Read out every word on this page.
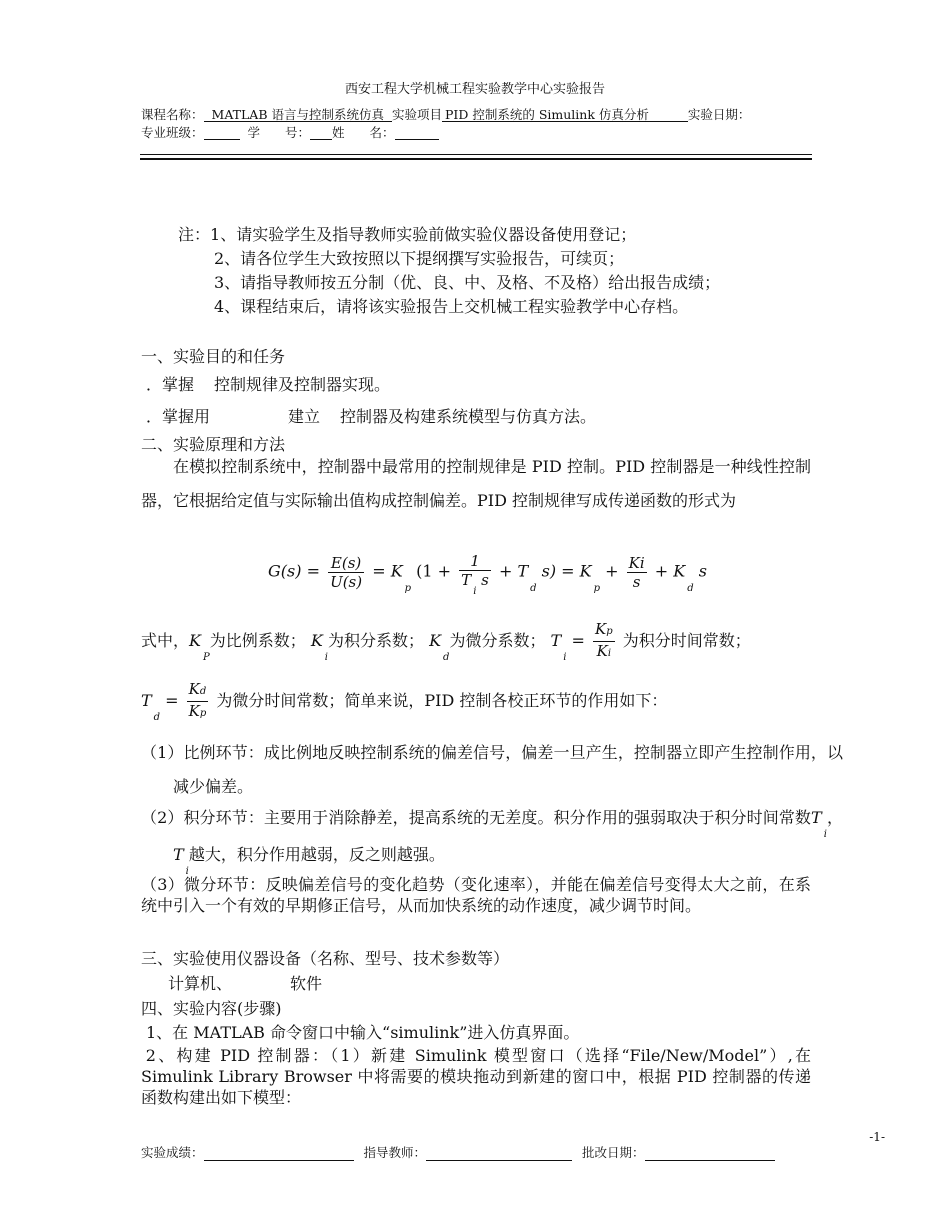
西安工程大学机械工程实验教学中心实验报告
课程名称： MATLAB 语言与控制系统仿真 实验项目 PID 控制系统的 Simulink 仿真分析	实验日期：
专业班级：	学　　号： 姓　　名：
注：1、请实验学生及指导教师实验前做实验仪器设备使用登记；
2、请各位学生大致按照以下提纲撰写实验报告，可续页；
3、请指导教师按五分制（优、良、中、及格、不及格）给出报告成绩；
4、课程结束后，请将该实验报告上交机械工程实验教学中心存档。
一、实验目的和任务
．掌握 控制规律及控制器实现。
．掌握用	建立 控制器及构建系统模型与仿真方法。
二、实验原理和方法
在模拟控制系统中，控制器中最常用的控制规律是 PID 控制。PID 控制器是一种线性控制器，它根据给定值与实际输出值构成控制偏差。PID 控制规律写成传递函数的形式为
$G(s) = \frac{E(s)}{U(s)} = K_p$ ($1 + \frac{1}{T_i s} + T_d$ $s) = K_p + \frac{Ki}{s} + K_d$ s
式中，$K_P$为比例系数； $K_i$为积分系数； $K_d$为微分系数； $T_i = \frac{Kp}{Ki}$ 为积分时间常数；
$T_d = \frac{Kd}{Kp}$ 为微分时间常数；简单来说，PID 控制各校正环节的作用如下：
（1）比例环节：成比例地反映控制系统的偏差信号，偏差一旦产生，控制器立即产生控制作用，以减少偏差。
（2）积分环节：主要用于消除静差，提高系统的无差度。积分作用的强弱取决于积分时间常数$T_i$，$T_i$越大，积分作用越弱，反之则越强。
（3）微分环节：反映偏差信号的变化趋势（变化速率），并能在偏差信号变得太大之前，在系统中引入一个有效的早期修正信号，从而加快系统的动作速度，减少调节时间。
三、实验使用仪器设备（名称、型号、技术参数等）
计算机、	软件
四、实验内容(步骤)
1、在 MATLAB 命令窗口中输入“simulink”进入仿真界面。
2、构建 PID 控制器：（1）新建 Simulink 模型窗口（选择“File/New/Model”）,在 Simulink Library Browser 中将需要的模块拖动到新建的窗口中，根据 PID 控制器的传递函数构建出如下模型：
-1-
实验成绩：	指导教师：	批改日期：
